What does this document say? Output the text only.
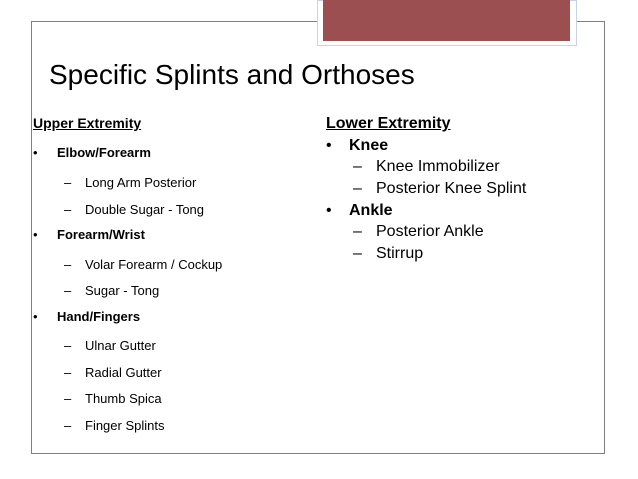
Specific Splints and Orthoses
Upper Extremity
• Elbow/Forearm
– Long Arm Posterior
– Double Sugar - Tong
• Forearm/Wrist
– Volar Forearm / Cockup
– Sugar - Tong
• Hand/Fingers
– Ulnar Gutter
– Radial Gutter
– Thumb Spica
– Finger Splints
Lower Extremity
• Knee
– Knee Immobilizer
– Posterior Knee Splint
• Ankle
– Posterior Ankle
– Stirrup
